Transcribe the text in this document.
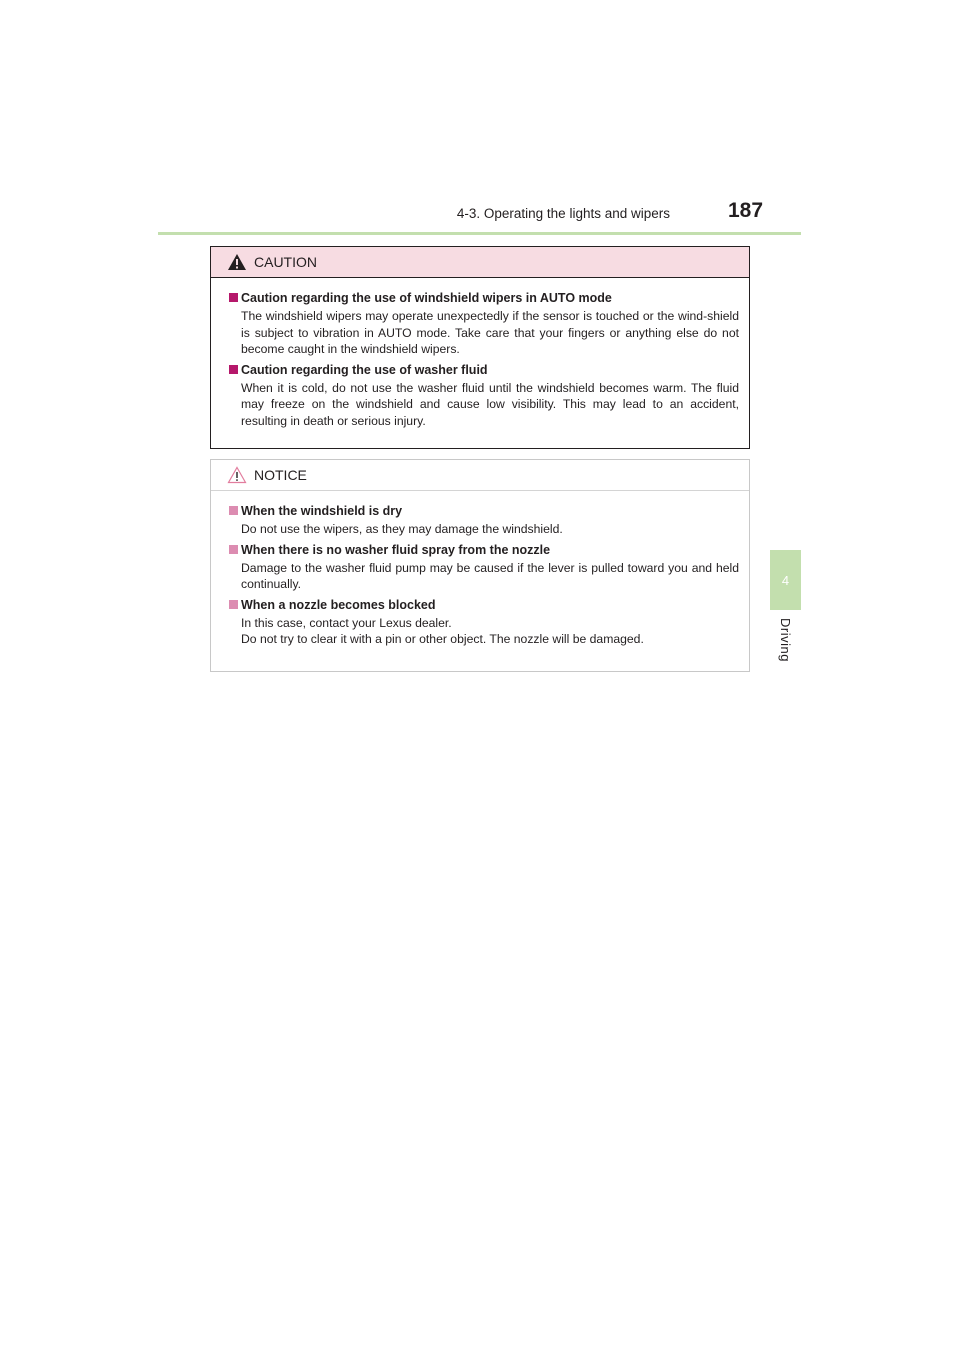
4-3. Operating the lights and wipers	187
4
Driving
CAUTION

Caution regarding the use of windshield wipers in AUTO mode

The windshield wipers may operate unexpectedly if the sensor is touched or the wind-shield is subject to vibration in AUTO mode. Take care that your fingers or anything else do not become caught in the windshield wipers.

Caution regarding the use of washer fluid

When it is cold, do not use the washer fluid until the windshield becomes warm. The fluid may freeze on the windshield and cause low visibility. This may lead to an accident, resulting in death or serious injury.

NOTICE

When the windshield is dry

Do not use the wipers, as they may damage the windshield.

When there is no washer fluid spray from the nozzle

Damage to the washer fluid pump may be caused if the lever is pulled toward you and held continually.

When a nozzle becomes blocked

In this case, contact your Lexus dealer.

Do not try to clear it with a pin or other object. The nozzle will be damaged.
